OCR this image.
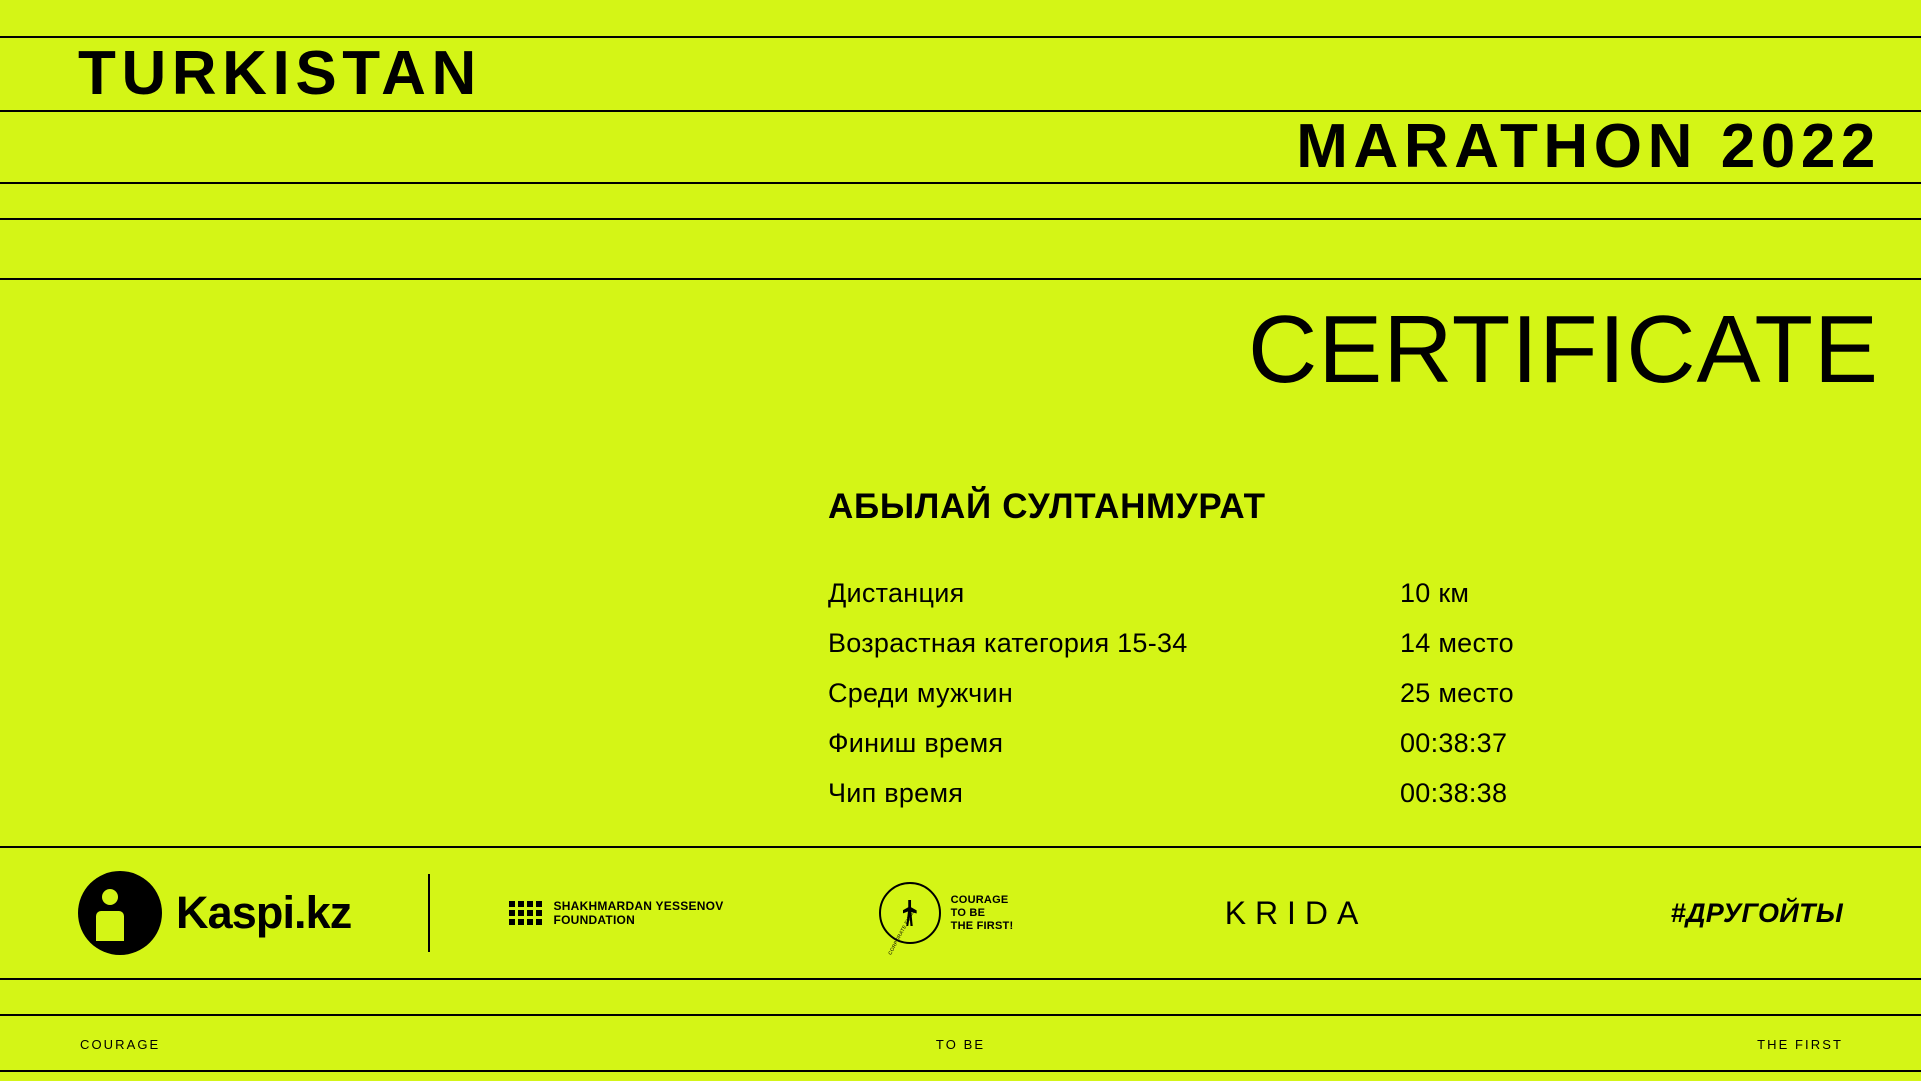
TURKISTAN
MARATHON 2022
CERTIFICATE
АБЫЛАЙ СУЛТАНМУРАТ
Дистанция	10 км
Возрастная категория 15-34	14 место
Среди мужчин	25 место
Финиш время	00:38:37
Чип время	00:38:38
Kaspi.kz	SHAKHMARDAN YESSENOV
FOUNDATION	CORPORATE FUND
COURAGE
TO BE
THE FIRST!	KRIDA	#ДРУГОЙТЫ
COURAGE	TO BE	THE FIRST
